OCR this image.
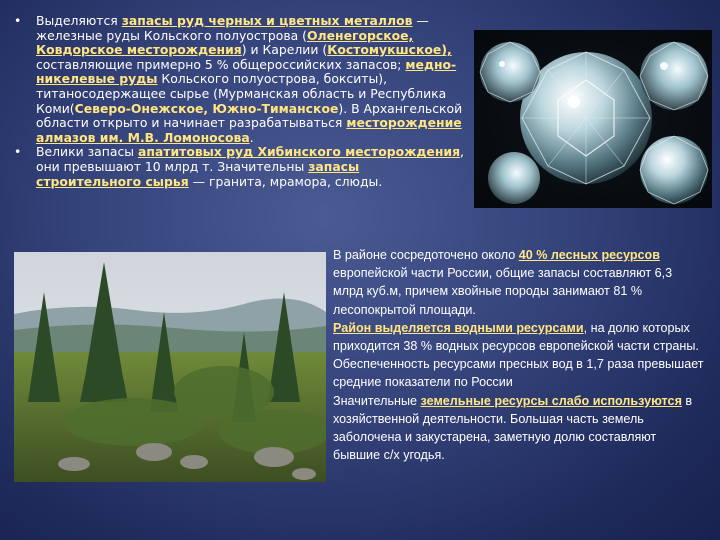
• Выделяются запасы руд черных и цветных металлов — железные руды Кольского полуострова (Оленегорское, Ковдорское месторождения) и Карелии (Костомукшское), составляющие примерно 5 % общероссийских запасов; медно-никелевые руды Кольского полуострова, бокситы), титаносодержащее сырье (Мурманская область и Республика Коми(Северо-Онежское, Южно-Тиманское). В Архангельской области открыто и начинает разрабатываться месторождение алмазов им. М.В. Ломоносова.

• Велики запасы апатитовых руд Хибинского месторождения, они превышают 10 млрд т. Значительны запасы строительного сырья — гранита, мрамора, слюды.

В районе сосредоточено около 40 % лесных ресурсов европейской части России, общие запасы составляют 6,3 млрд куб.м, причем хвойные породы занимают 81 % лесопокрытой площади.
Район выделяется водными ресурсами, на долю которых приходится 38 % водных ресурсов европейской части страны. Обеспеченность ресурсами пресных вод в 1,7 раза превышает средние показатели по России

Значительные земельные ресурсы слабо используются в хозяйственной деятельности. Большая часть земель заболочена и закустарена, заметную долю составляют бывшие с/х угодья.
